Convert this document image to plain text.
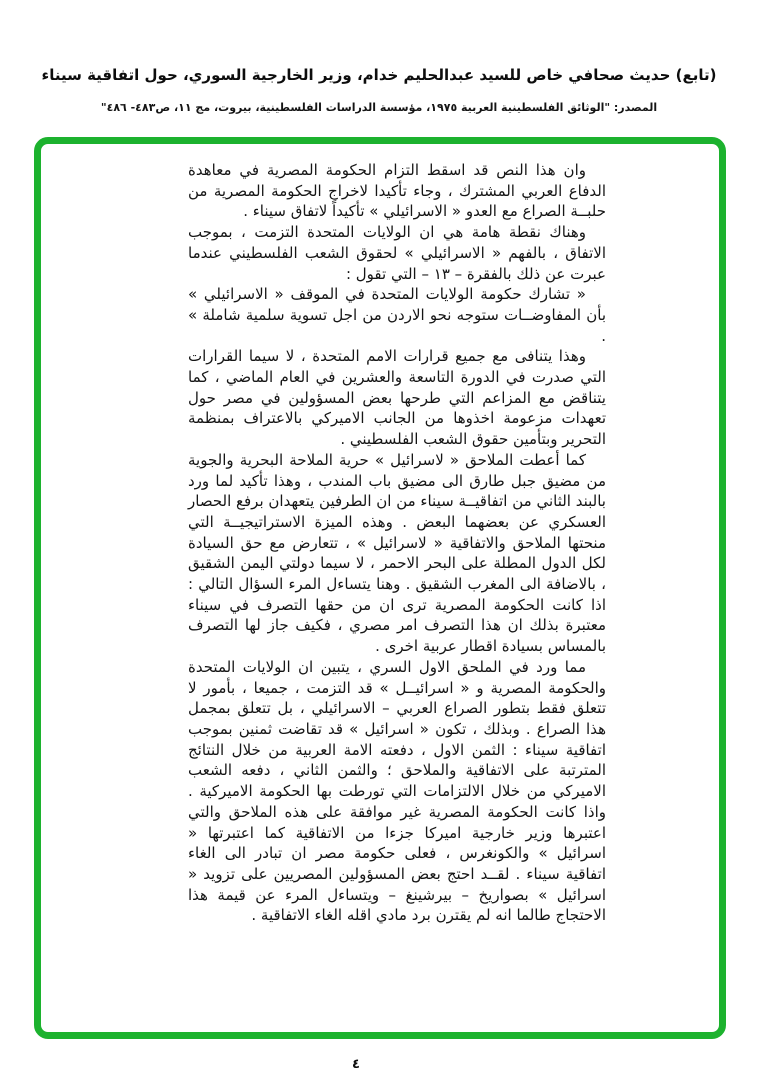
(تابع) حديث صحافي خاص للسيد عبدالحليم خدام، وزير الخارجية السوري، حول اتفاقية سيناء
المصدر: "الوثائق الفلسطينية العربية ١٩٧٥، مؤسسة الدراسات الفلسطينية، بيروت، مج ١١، ص٤٨٣- ٤٨٦"

وان هذا النص قد اسقط التزام الحكومة المصرية في معاهدة الدفاع العربي المشترك ، وجاء تأكيدا لاخراج الحكومة المصرية من حلبــة الصراع مع العدو « الاسرائيلي » تأكيداً لاتفاق سيناء .

وهناك نقطة هامة هي ان الولايات المتحدة التزمت ، بموجب الاتفاق ، بالفهم « الاسرائيلي » لحقوق الشعب الفلسطيني عندما عبرت عن ذلك بالفقرة – ١٣ – التي تقول :

« تشارك حكومة الولايات المتحدة في الموقف « الاسرائيلي » بأن المفاوضــات ستوجه نحو الاردن من اجل تسوية سلمية شاملة » .

وهذا يتنافى مع جميع قرارات الامم المتحدة ، لا سيما القرارات التي صدرت في الدورة التاسعة والعشرين في العام الماضي ، كما يتناقض مع المزاعم التي طرحها بعض المسؤولين في مصر حول تعهدات مزعومة اخذوها من الجانب الاميركي بالاعتراف بمنظمة التحرير وبتأمين حقوق الشعب الفلسطيني .

كما أعطت الملاحق « لاسرائيل » حرية الملاحة البحرية والجوية من مضيق جبل طارق الى مضيق باب المندب ، وهذا تأكيد لما ورد بالبند الثاني من اتفاقيــة سيناء من ان الطرفين يتعهدان برفع الحصار العسكري عن بعضهما البعض . وهذه الميزة الاستراتيجيــة التي منحتها الملاحق والاتفاقية « لاسرائيل » ، تتعارض مع حق السيادة لكل الدول المطلة على البحر الاحمر ، لا سيما دولتي اليمن الشقيق ، بالاضافة الى المغرب الشقيق . وهنا يتساءل المرء السؤال التالي : اذا كانت الحكومة المصرية ترى ان من حقها التصرف في سيناء معتبرة بذلك ان هذا التصرف امر مصري ، فكيف جاز لها التصرف بالمساس بسيادة اقطار عربية اخرى .

مما ورد في الملحق الاول السري ، يتبين ان الولايات المتحدة والحكومة المصرية و « اسرائيــل » قد التزمت ، جميعا ، بأمور لا تتعلق فقط بتطور الصراع العربي – الاسرائيلي ، بل تتعلق بمجمل هذا الصراع . وبذلك ، تكون « اسرائيل » قد تقاضت ثمنين بموجب اتفاقية سيناء : الثمن الاول ، دفعته الامة العربية من خلال النتائج المترتبة على الاتفاقية والملاحق ؛ والثمن الثاني ، دفعه الشعب الاميركي من خلال الالتزامات التي تورطت بها الحكومة الاميركية . واذا كانت الحكومة المصرية غير موافقة على هذه الملاحق والتي اعتبرها وزير خارجية اميركا جزءا من الاتفاقية كما اعتبرتها « اسرائيل » والكونغرس ، فعلى حكومة مصر ان تبادر الى الغاء اتفاقية سيناء . لقــد احتج بعض المسؤولين المصريين على تزويد « اسرائيل » بصواريخ – بيرشينغ – ويتساءل المرء عن قيمة هذا الاحتجاج طالما انه لم يقترن برد مادي اقله الغاء الاتفاقية .

٤
